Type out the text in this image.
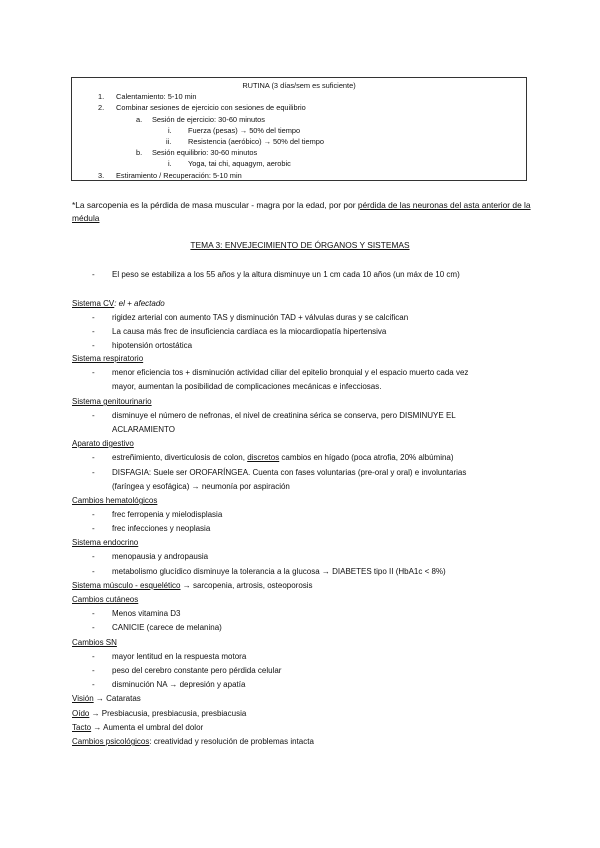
RUTINA (3 días/sem es suficiente)
1. Calentamiento: 5-10 min
2. Combinar sesiones de ejercicio con sesiones de equilibrio
a. Sesión de ejercicio: 30-60 minutos
i. Fuerza (pesas) → 50% del tiempo
ii. Resistencia (aeróbico) → 50% del tiempo
b. Sesión equilibrio: 30-60 minutos
i. Yoga, tai chi, aquagym, aerobic
3. Estiramiento / Recuperación: 5-10 min
*La sarcopenia es la pérdida de masa muscular - magra por la edad, por por pérdida de las neuronas del asta anterior de la médula
TEMA 3: ENVEJECIMIENTO DE ÓRGANOS Y SISTEMAS
- El peso se estabiliza a los 55 años y la altura disminuye un 1 cm cada 10 años (un máx de 10 cm)
Sistema CV: el + afectado
- rigidez arterial con aumento TAS y disminución TAD + válvulas duras y se calcifican
- La causa más frec de insuficiencia cardíaca es la miocardiopatía hipertensiva
- hipotensión ortostática
Sistema respiratorio
- menor eficiencia tos + disminución actividad ciliar del epitelio bronquial y el espacio muerto cada vez
mayor, aumentan la posibilidad de complicaciones mecánicas e infecciosas.
Sistema genitourinario
- disminuye el número de nefronas, el nivel de creatinina sérica se conserva, pero DISMINUYE EL
ACLARAMIENTO
Aparato digestivo
- estreñimiento, diverticulosis de colon, discretos cambios en hígado (poca atrofia, 20% albúmina)
- DISFAGIA: Suele ser OROFARÍNGEA. Cuenta con fases voluntarias (pre-oral y oral) e involuntarias
(faríngea y esofágica) → neumonía por aspiración
Cambios hematológicos
- frec ferropenia y mielodisplasia
- frec infecciones y neoplasia
Sistema endocrino
- menopausia y andropausia
- metabolismo glucídico disminuye la tolerancia a la glucosa → DIABETES tipo II (HbA1c < 8%)
Sistema músculo - esquelético → sarcopenia, artrosis, osteoporosis
Cambios cutáneos
- Menos vitamina D3
- CANICIE (carece de melanina)
Cambios SN
- mayor lentitud en la respuesta motora
- peso del cerebro constante pero pérdida celular
- disminución NA → depresión y apatía
Visión → Cataratas
Oído → Presbiacusia, presbiacusia, presbiacusia
Tacto → Aumenta el umbral del dolor
Cambios psicológicos: creatividad y resolución de problemas intacta
